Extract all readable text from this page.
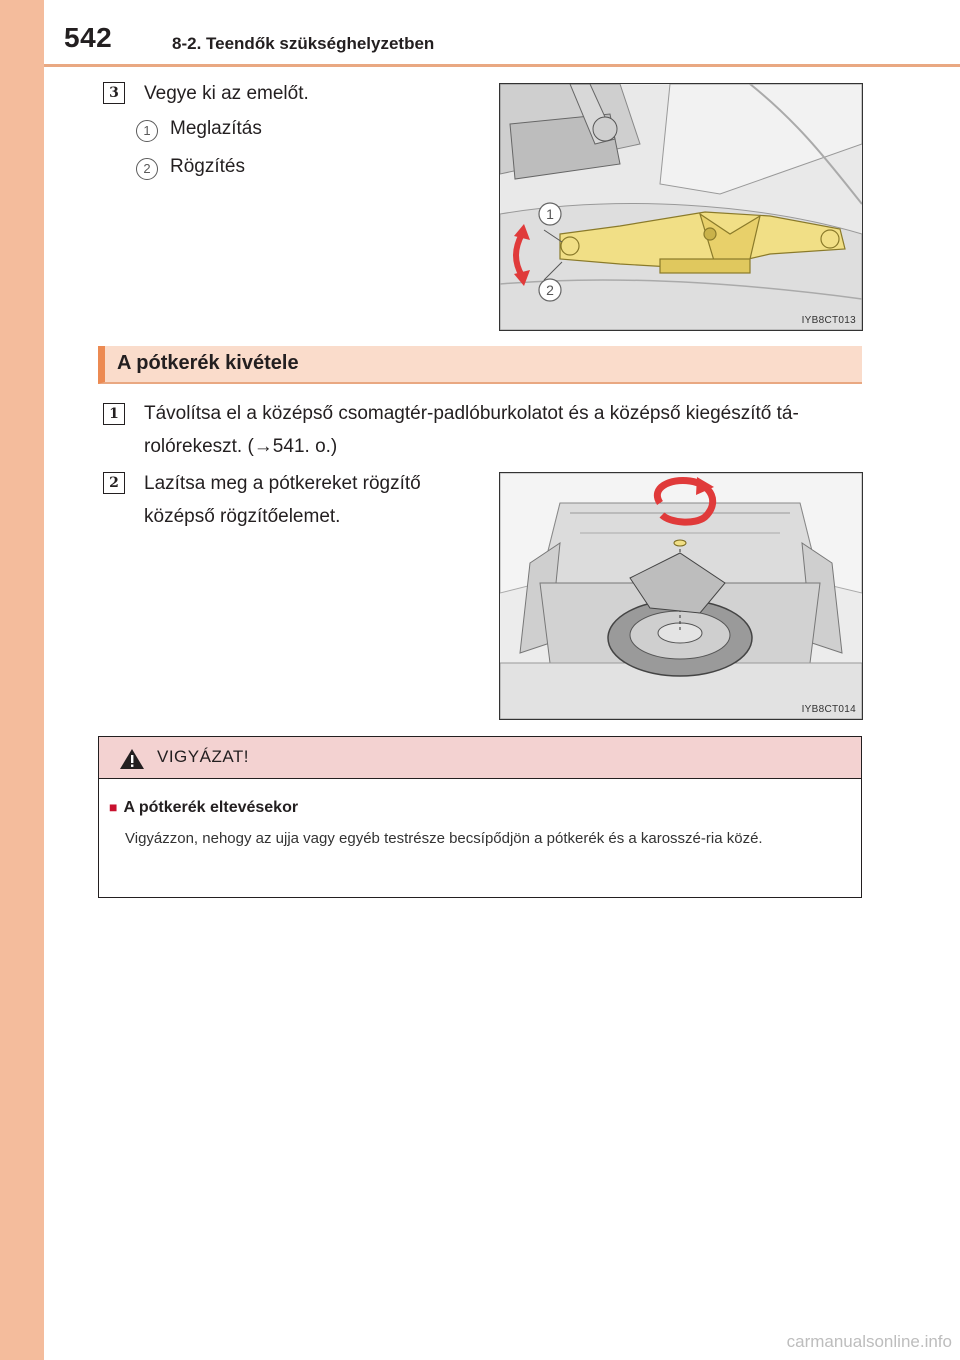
542	8-2. Teendők szükséghelyzetben
3	Vegye ki az emelőt.
1	Meglazítás
2	Rögzítés
1
2
IYB8CT013
A pótkerék kivétele
1	Távolítsa el a középső csomagtér-padlóburkolatot és a középső kiegészítő tá-rolórekeszt. (→541. o.)
2	Lazítsa meg a pótkereket rögzítő középső rögzítőelemet.
IYB8CT014
VIGYÁZAT!
■ A pótkerék eltevésekor
Vigyázzon, nehogy az ujja vagy egyéb testrésze becsípődjön a pótkerék és a karosszé-ria közé.
carmanualsonline.info
